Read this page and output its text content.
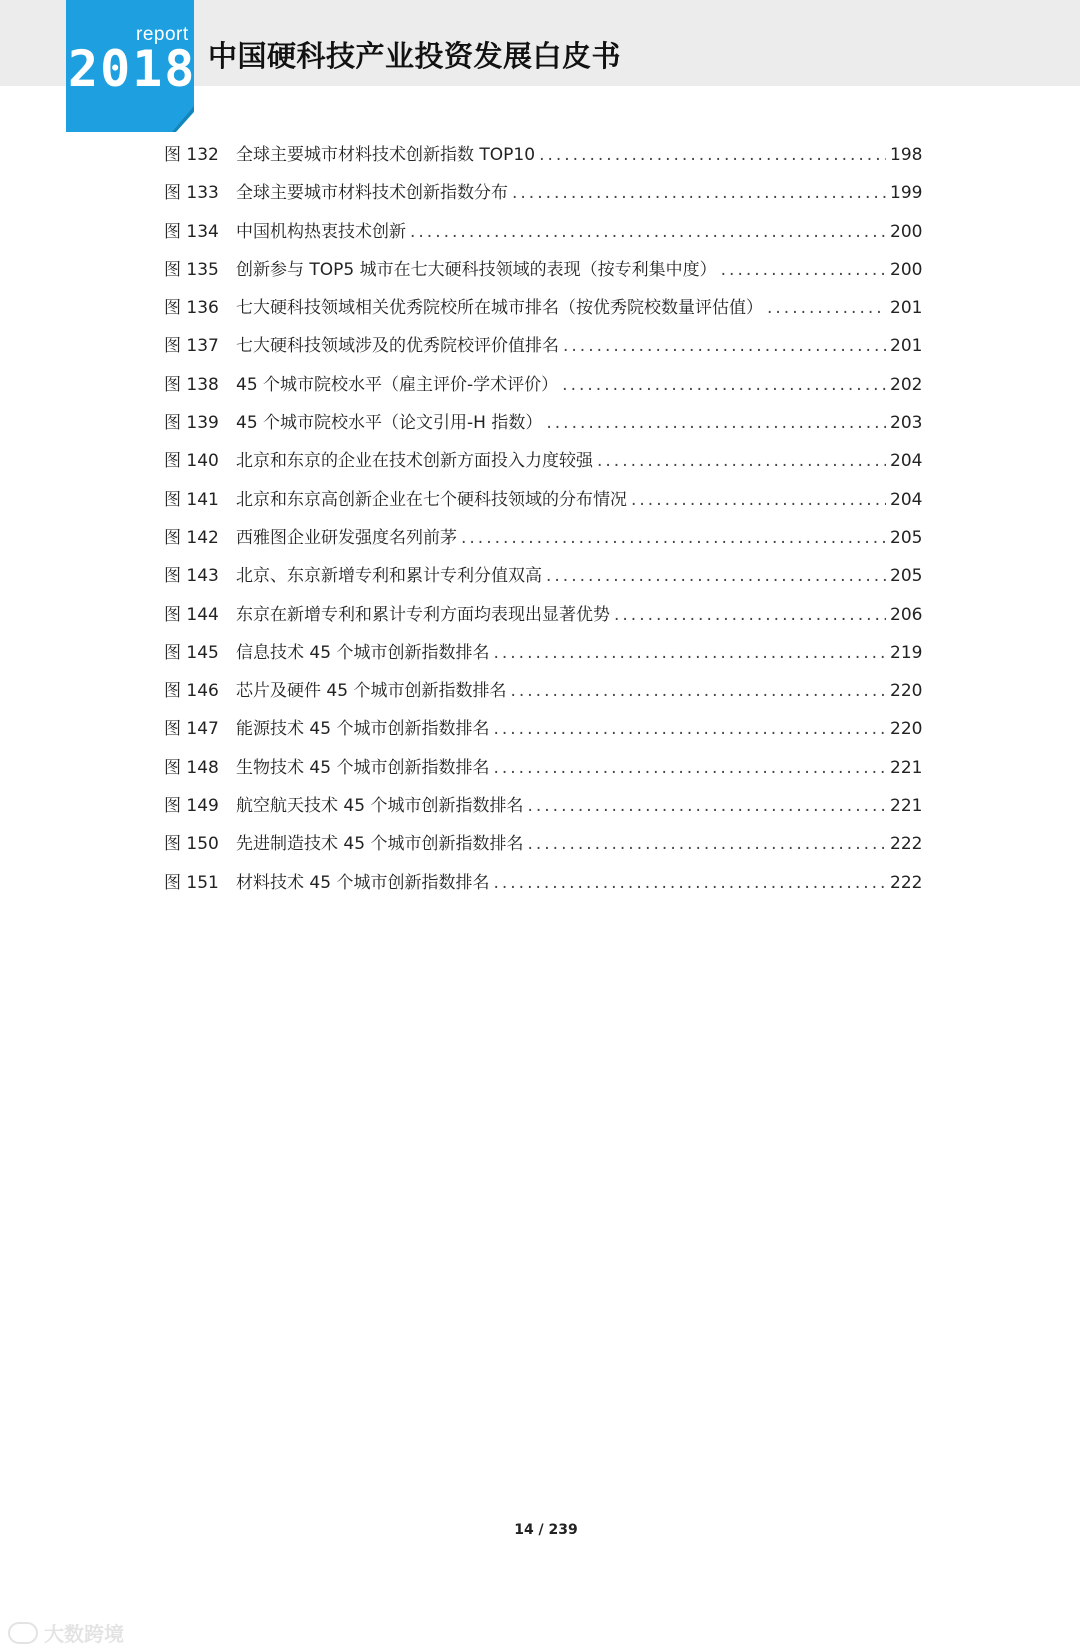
report
2018 中国硬科技产业投资发展白皮书
图 132	全球主要城市材料技术创新指数 TOP10 .....	198
图 133	全球主要城市材料技术创新指数分布 .....	199
图 134	中国机构热衷技术创新 .....	200
图 135	创新参与 TOP5 城市在七大硬科技领域的表现（按专利集中度） .....	200
图 136	七大硬科技领域相关优秀院校所在城市排名（按优秀院校数量评估值） .....	201
图 137	七大硬科技领域涉及的优秀院校评价值排名 .....	201
图 138	45 个城市院校水平（雇主评价-学术评价） .....	202
图 139	45 个城市院校水平（论文引用-H 指数） .....	203
图 140	北京和东京的企业在技术创新方面投入力度较强 .....	204
图 141	北京和东京高创新企业在七个硬科技领域的分布情况 .....	204
图 142	西雅图企业研发强度名列前茅 .....	205
图 143	北京、东京新增专利和累计专利分值双高 .....	205
图 144	东京在新增专利和累计专利方面均表现出显著优势 .....	206
图 145	信息技术 45 个城市创新指数排名 .....	219
图 146	芯片及硬件 45 个城市创新指数排名 .....	220
图 147	能源技术 45 个城市创新指数排名 .....	220
图 148	生物技术 45 个城市创新指数排名 .....	221
图 149	航空航天技术 45 个城市创新指数排名 .....	221
图 150	先进制造技术 45 个城市创新指数排名 .....	222
图 151	材料技术 45 个城市创新指数排名 .....	222
14 / 239
大数跨境
